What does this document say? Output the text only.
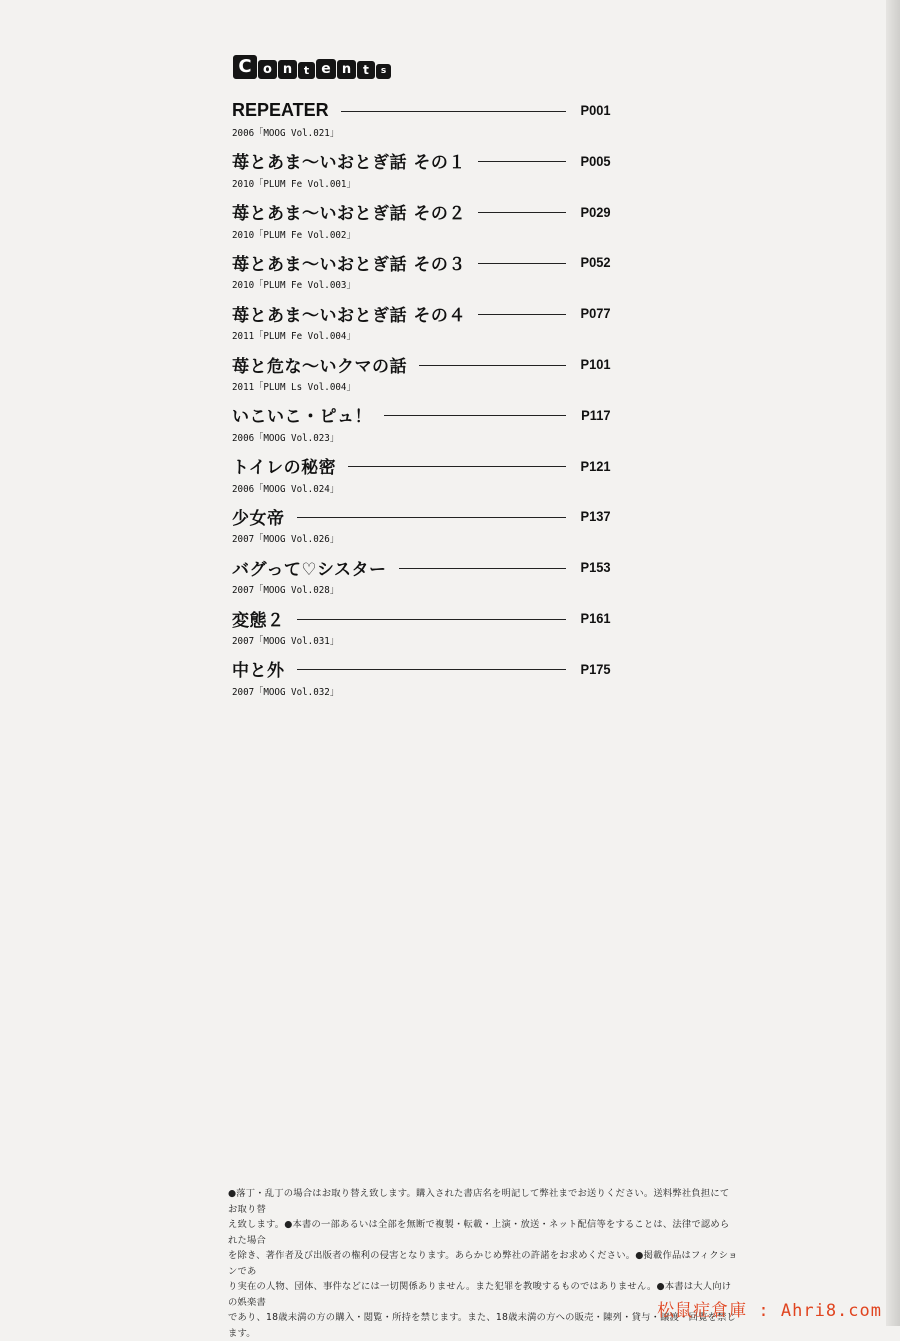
C o n	t e n	t	s
REPEATER	P001
2006「MOOG Vol.021」
苺とあま～いおとぎ話 その１	P005
2010「PLUM Fe Vol.001」
苺とあま～いおとぎ話 その２	P029
2010「PLUM Fe Vol.002」
苺とあま～いおとぎ話 その３	P052
2010「PLUM Fe Vol.003」
苺とあま～いおとぎ話 その４	P077
2011「PLUM Fe Vol.004」
苺と危な～いクマの話	P101
2011「PLUM Ls Vol.004」
いこいこ・ピュ！	P117
2006「MOOG Vol.023」
トイレの秘密	P121
2006「MOOG Vol.024」
少女帝	P137
2007「MOOG Vol.026」
バグって♡シスター	P153
2007「MOOG Vol.028」
変態２	P161
2007「MOOG Vol.031」
中と外	P175
2007「MOOG Vol.032」

●落丁・乱丁の場合はお取り替え致します。購入された書店名を明記して弊社までお送りください。送料弊社負担にてお取り替

え致します。●本書の一部あるいは全部を無断で複製・転載・上演・放送・ネット配信等をすることは、法律で認められた場合

を除き、著作者及び出版者の権利の侵害となります。あらかじめ弊社の許諾をお求めください。●掲載作品はフィクションであ

り実在の人物、団体、事件などには一切関係ありません。また犯罪を教唆するものではありません。●本書は大人向けの娯楽書

であり、18歳未満の方の購入・閲覧・所持を禁じます。また、18歳未満の方への販売・陳列・貸与・譲渡・回覧を禁じます。

松鼠症倉庫 : Ahri8.com
